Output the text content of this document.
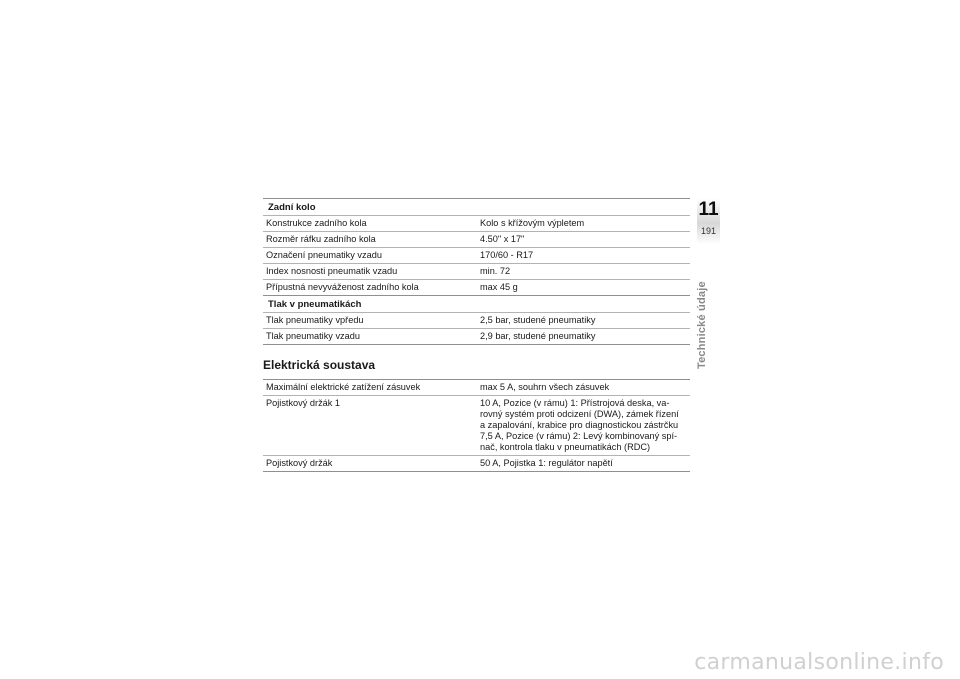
Zadní kolo
Konstrukce zadního kola	Kolo s křížovým výpletem
Rozměr ráfku zadního kola	4.50" x 17"
Označení pneumatiky vzadu	170/60 - R17
Index nosnosti pneumatik vzadu	min. 72
Přípustná nevyváženost zadního kola	max 45 g
Tlak v pneumatikách
Tlak pneumatiky vpředu	2,5 bar, studené pneumatiky
Tlak pneumatiky vzadu	2,9 bar, studené pneumatiky
Elektrická soustava
Maximální elektrické zatížení zásuvek	max 5 A, souhrn všech zásuvek
Pojistkový držák 1	10 A, Pozice (v rámu) 1: Přístrojová deska, va-rovný systém proti odcizení (DWA), zámek řízení a zapalování, krabice pro diagnostickou zástrčku 7,5 A, Pozice (v rámu) 2: Levý kombinovaný spí-nač, kontrola tlaku v pneumatikách (RDC)
Pojistkový držák	50 A, Pojistka 1: regulátor napětí
11
191
Technické údaje
carmanualsonline.info
